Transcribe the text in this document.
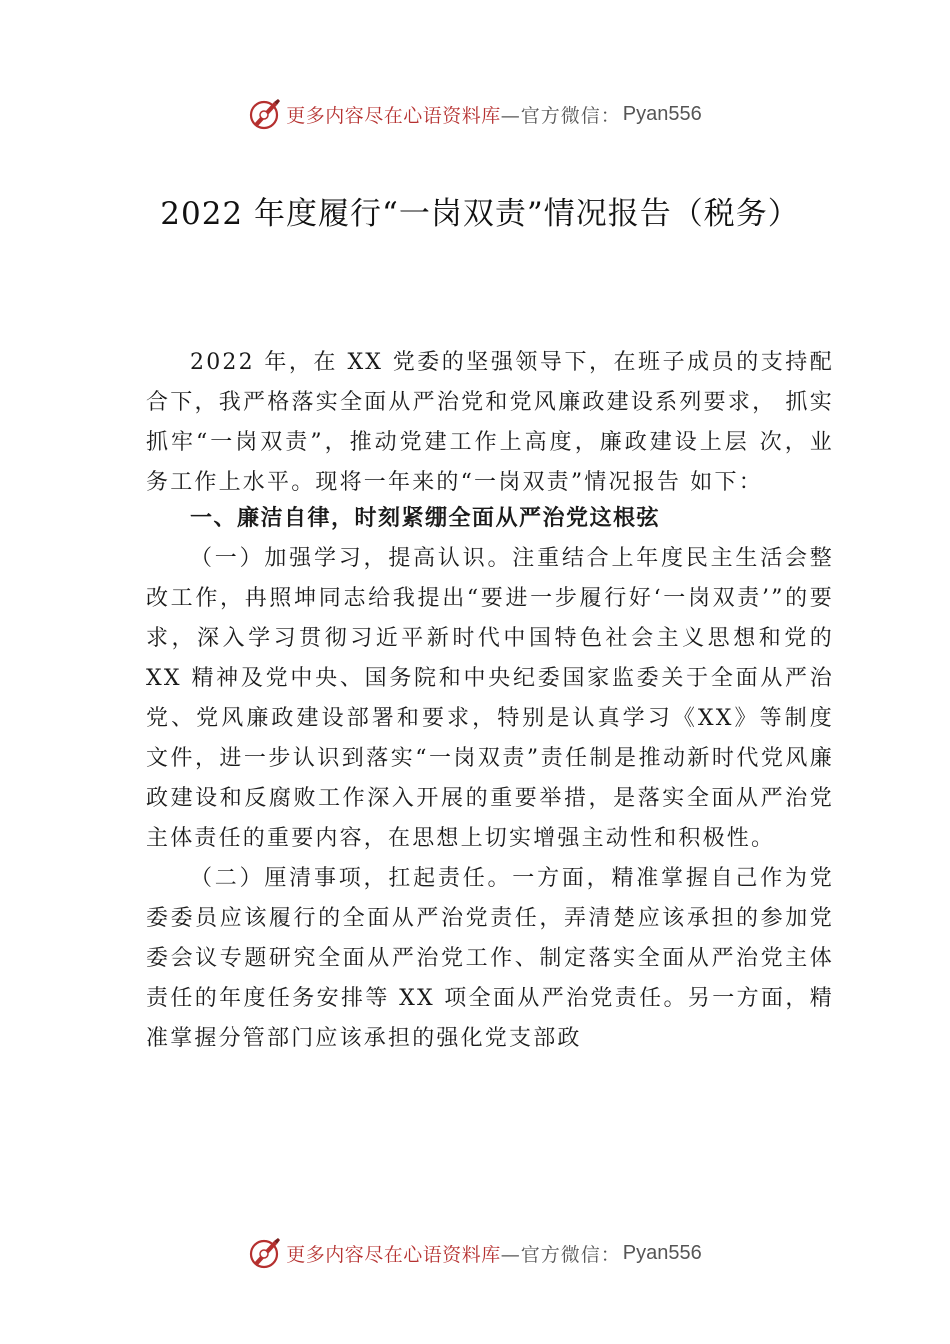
更多内容尽在心语资料库 —官方微信： Pyan556
2022 年度履行“一岗双责”情况报告（税务）

2022 年，在 XX 党委的坚强领导下，在班子成员的支持配合下，我严格落实全面从严治党和党风廉政建设系列要求， 抓实抓牢“一岗双责”，推动党建工作上高度，廉政建设上层 次，业务工作上水平。现将一年来的“一岗双责”情况报告 如下：

一、廉洁自律，时刻紧绷全面从严治党这根弦

（一）加强学习，提高认识。注重结合上年度民主生活会整改工作，冉照坤同志给我提出“要进一步履行好‘一岗双责’”的要求，深入学习贯彻习近平新时代中国特色社会主义思想和党的 XX 精神及党中央、国务院和中央纪委国家监委关于全面从严治党、党风廉政建设部署和要求，特别是认真学习《XX》等制度文件，进一步认识到落实“一岗双责”责任制是推动新时代党风廉政建设和反腐败工作深入开展的重要举措，是落实全面从严治党主体责任的重要内容，在思想上切实增强主动性和积极性。

（二）厘清事项，扛起责任。一方面，精准掌握自己作为党委委员应该履行的全面从严治党责任，弄清楚应该承担的参加党委会议专题研究全面从严治党工作、制定落实全面从严治党主体责任的年度任务安排等 XX 项全面从严治党责任。另一方面，精准掌握分管部门应该承担的强化党支部政

更多内容尽在心语资料库 —官方微信： Pyan556
